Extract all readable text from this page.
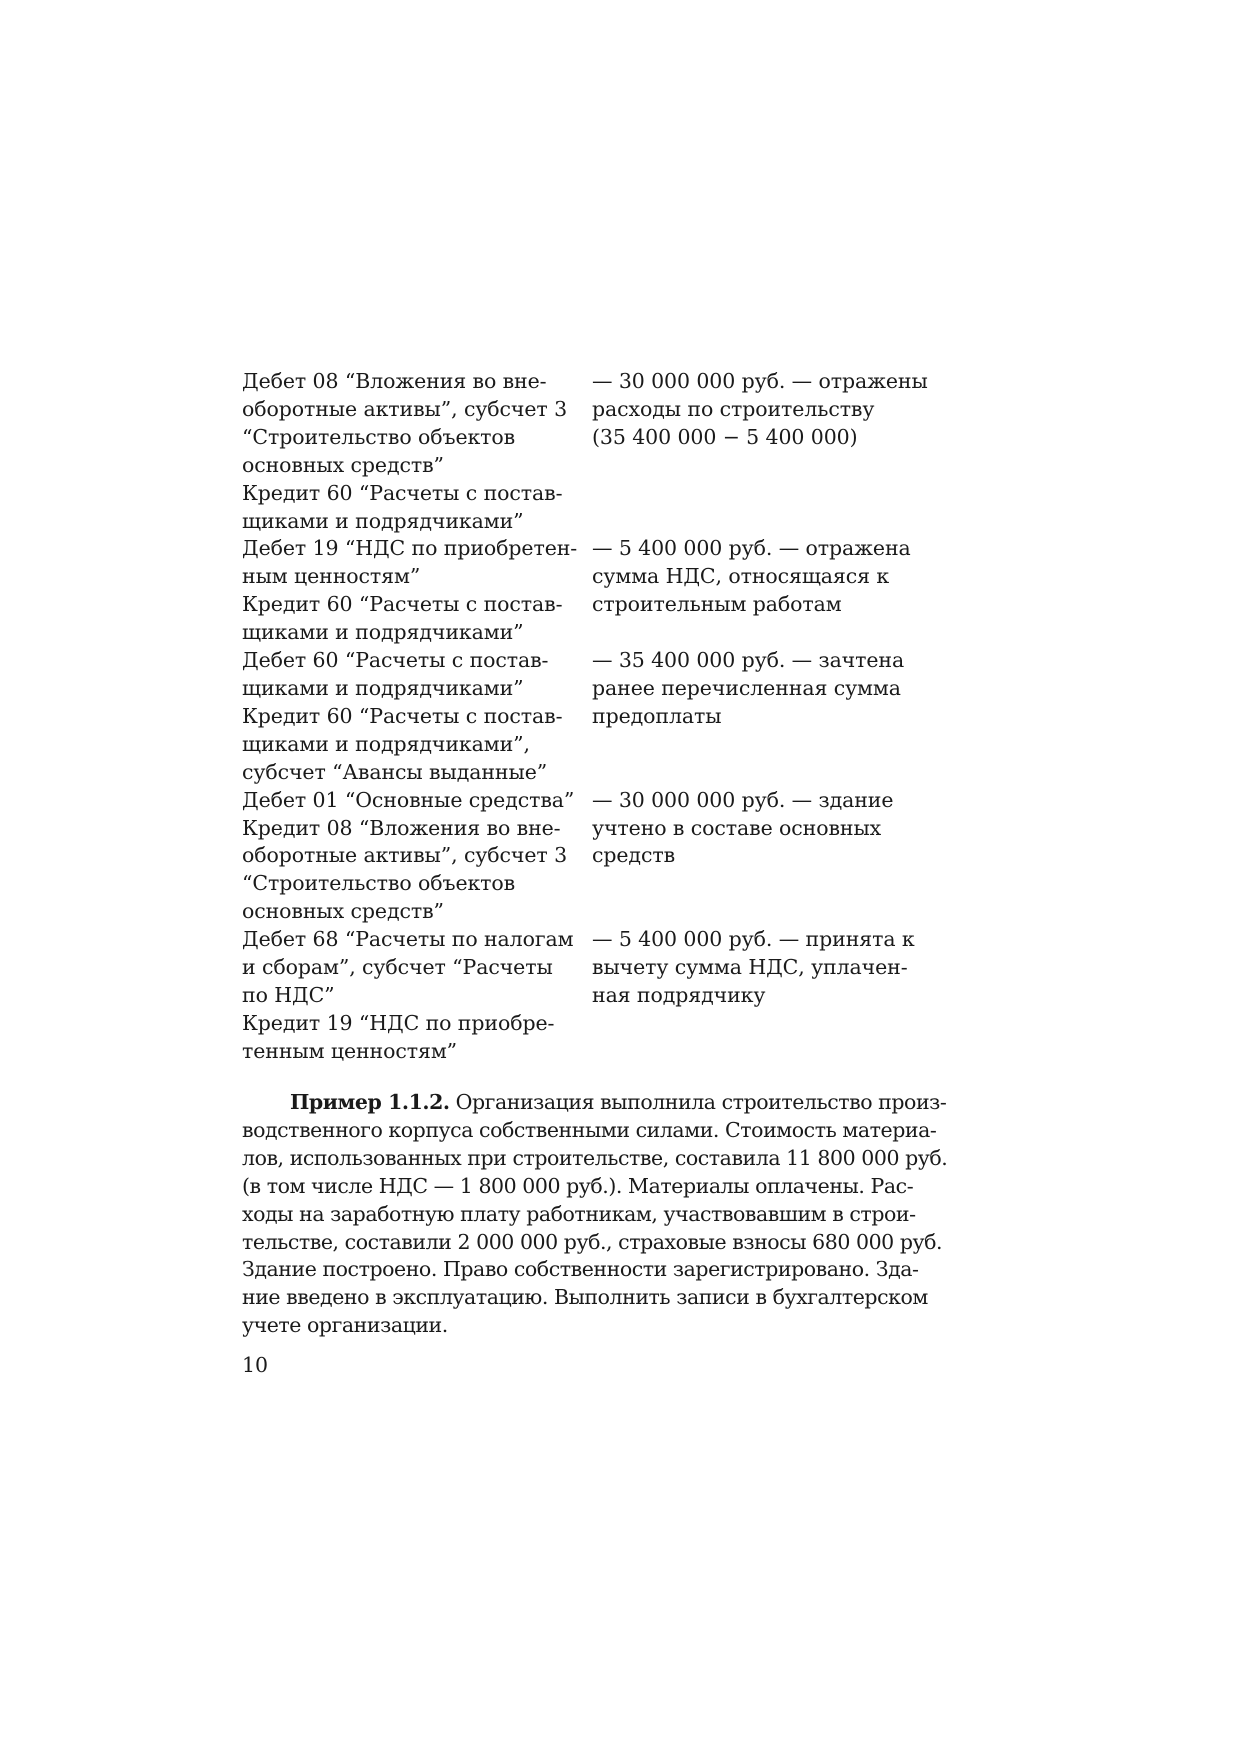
Дебет 08 “Вложения во вне-
оборотные активы”, субсчет 3
“Строительство объектов
основных средств”
Кредит 60 “Расчеты с постав-
щиками и подрядчиками”
— 30 000 000 руб. — отражены
расходы по строительству
(35 400 000 − 5 400 000)
Дебет 19 “НДС по приобретен-
ным ценностям”
Кредит 60 “Расчеты с постав-
щиками и подрядчиками”
— 5 400 000 руб. — отражена
сумма НДС, относящаяся к
строительным работам
Дебет 60 “Расчеты с постав-
щиками и подрядчиками”
Кредит 60 “Расчеты с постав-
щиками и подрядчиками”,
субсчет “Авансы выданные”
— 35 400 000 руб. — зачтена
ранее перечисленная сумма
предоплаты
Дебет 01 “Основные средства”
Кредит 08 “Вложения во вне-
оборотные активы”, субсчет 3
“Строительство объектов
основных средств”
— 30 000 000 руб. — здание
учтено в составе основных
средств
Дебет 68 “Расчеты по налогам
и сборам”, субсчет “Расчеты
по НДС”
Кредит 19 “НДС по приобре-
тенным ценностям”
— 5 400 000 руб. — принята к
вычету сумма НДС, уплачен-
ная подрядчику
Пример 1.1.2. Организация выполнила строительство произ-
водственного корпуса собственными силами. Стоимость материа-
лов, использованных при строительстве, составила 11 800 000 руб.
(в том числе НДС — 1 800 000 руб.). Материалы оплачены. Рас-
ходы на заработную плату работникам, участвовавшим в строи-
тельстве, составили 2 000 000 руб., страховые взносы 680 000 руб.
Здание построено. Право собственности зарегистрировано. Зда-
ние введено в эксплуатацию. Выполнить записи в бухгалтерском
учете организации.
10
